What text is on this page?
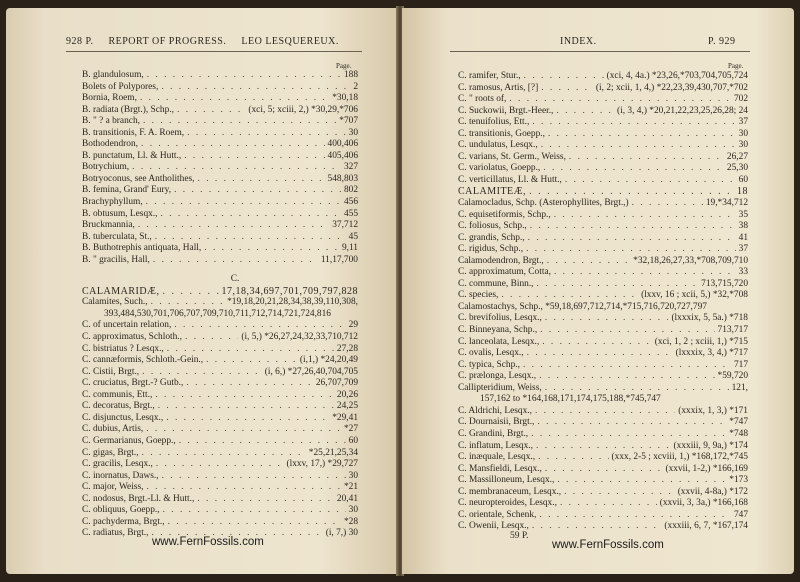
928 P. REPORT OF PROGRESS. LEO LESQUEREUX.
Page.
B. glandulosum, . . .	188
Bolets of Polypores, . . .	2
Bornia, Roem, . . .	*30,18
B. radiata (Brgt.), Schp., . . .	(xci, 5; xciii, 2,) *30,29,*706
B. " ? a branch, . . .	*707
B. transitionis, F. A. Roem, . . .	30
Bothodendron, . . .	400,406
B. punctatum, Ll. & Hutt., . . .	405,406
Botrychium, . . .	327
Botryoconus, see Antholithes, . . .	548,803
B. femina, Grand' Eury, . . .	802
Brachyphyllum, . . .	456
B. obtusum, Lesqx., . . .	455
Bruckmannia, . . .	37,712
B. tuberculata, St., . . .	45
B. Buthotrephis antiquata, Hall, . . .	9,11
B. " gracilis, Hall, . . .	11,17,700
C.
CALAMARIDÆ, . . .	17,18,34,697,701,709,797,828
Calamites, Such., . . .	*19,18,20,21,28,34,38,39,110,308,
393,484,530,701,706,707,709,710,711,712,714,721,724,816
C. of uncertain relation, . . .	29
C. approximatus, Schloth., . . .	(i, 5,) *26,27,24,32,33,710,712
C. bistriatus ? Lesqx., . . .	27,28
C. cannæformis, Schloth.-Gein., . . .	(i,1,) *24,20,49
C. Cistii, Brgt., . . .	(i, 6,) *27,26,40,704,705
C. cruciatus, Brgt.-? Gutb., . . .	26,707,709
C. communis, Ett., . . .	20,26
C. decoratus, Brgt., . . .	24,25
C. disjunctus, Lesqx., . . .	*29,41
C. dubius, Artis, . . .	*27
C. Germarianus, Goepp., . . .	60
C. gigas, Brgt., . . .	*25,21,25,34
C. gracilis, Lesqx., . . .	(lxxv, 17,) *29,727
C. inornatus, Daws., . . .	30
C. major, Weiss, . . .	*21
C. nodosus, Brgt.-Ll. & Hutt., . . .	20,41
C. obliquus, Goepp., . . .	30
C. pachyderma, Brgt., . . .	*28
C. radiatus, Brgt., . . .	(i, 7,) 30
INDEX.	P. 929
Page.
C. ramifer, Stur., . . .	(xci, 4, 4a.) *23,26,*703,704,705,724
C. ramosus, Artis, [?] . . .	(i, 2; xcii, 1, 4,) *22,23,39,430,707,*702
C. " roots of, . . .	702
C. Suckowii, Brgt.-Heer., . . .	(i, 3, 4,) *20,21,22,23,25,26,28; 24
C. tenuifolius, Ett., . . .	37
C. transitionis, Goepp., . . .	30
C. undulatus, Lesqx., . . .	30
C. varians, St. Germ., Weiss, . . .	26,27
C. variolatus, Goepp., . . .	25,30
C. verticillatus, Ll. & Hutt., . . .	60
CALAMITEÆ, . . .	18
Calamocladus, Schp. (Asterophyllites, Brgt.,) . . .	19,*34,712
C. equisetiformis, Schp., . . .	35
C. foliosus, Schp., . . .	38
C. grandis, Schp., . . .	41
C. rigidus, Schp., . . .	37
Calamodendron, Brgt., . . .	*32,18,26,27,33,*708,709,710
C. approximatum, Cotta, . . .	33
C. commune, Binn., . . .	713,715,720
C. species, . . .	(lxxv, 16 ; xcii, 5,) *32,*708
Calamostachys, Schp., *59,18,697,712,714,*715,716,720,727,797
C. brevifolius, Lesqx., . . .	(lxxxix, 5, 5a.) *718
C. Binneyana, Schp., . . .	713,717
C. lanceolata, Lesqx., . . .	(xci, 1, 2 ; xciii, 1,) *715
C. ovalis, Lesqx., . . .	(lxxxix, 3, 4,) *717
C. typica, Schp., . . .	717
C. prælonga, Lesqx., . . .	*59,720
Callipteridium, Weiss, . . .	121,
157,162 to *164,168,171,174,175,188,*745,747
C. Aldrichi, Lesqx., . . .	(xxxix, 1, 3,) *171
C. Dournaisii, Brgt., . . .	*747
C. Grandini, Brgt., . . .	*748
C. inflatum, Lesqx., . . .	(xxxiii, 9, 9a,) *174
C. inæquale, Lesqx., . . .	(xxx, 2-5 ; xcviii, 1,) *168,172,*745
C. Mansfieldi, Lesqx., . . .	(xxvii, 1-2,) *166,169
C. Massilloneum, Lesqx., . . .	*173
C. membranaceum, Lesqx., . . .	(xxvii, 4-8a,) *172
C. neuropteroides, Lesqx., . . .	(xxvii, 3, 3a,) *166,168
C. orientale, Schenk, . . .	747
C. Owenii, Lesqx., . . .	(xxxiii, 6, 7, *167,174
59 P.
www.FernFossils.com	www.FernFossils.com
